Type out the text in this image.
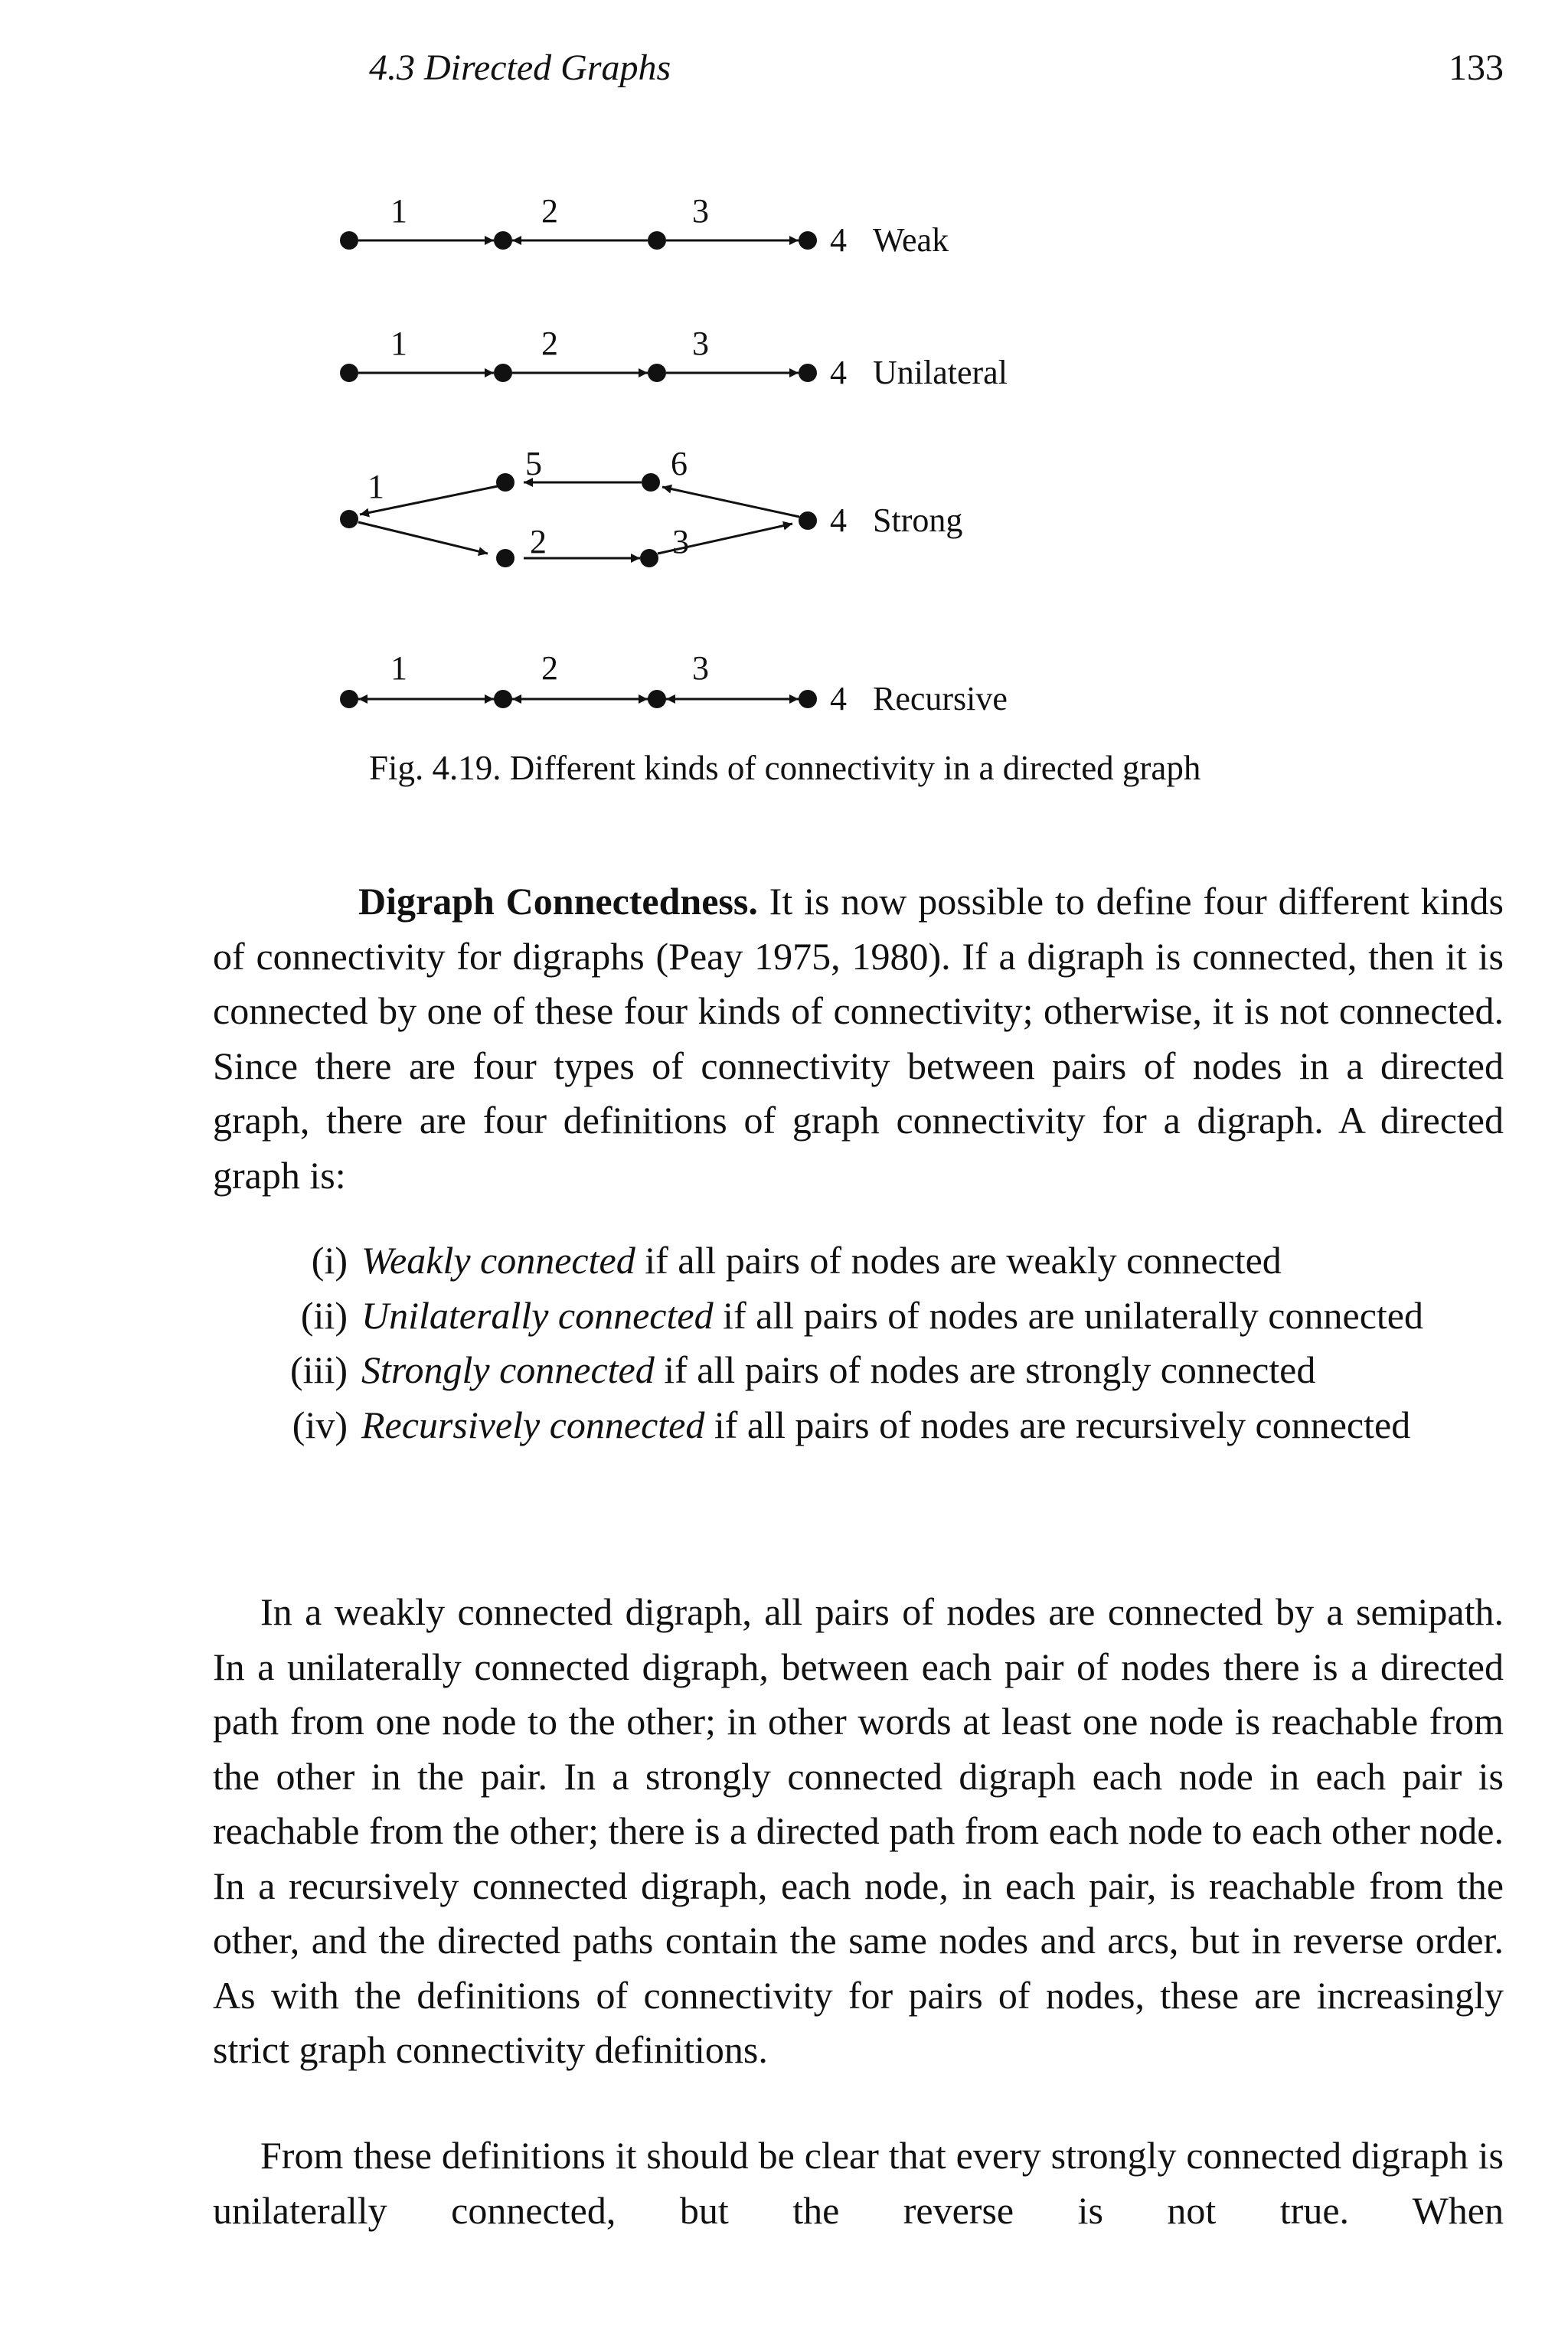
4.3 Directed Graphs	133
1	2	3
4 Weak
1	2	3
4 Unilateral
1
2	3
4
5	6
Strong
1	2	3
4 Recursive
Fig. 4.19. Different kinds of connectivity in a directed graph

Digraph Connectedness. It is now possible to define four different kinds of connectivity for digraphs (Peay 1975, 1980). If a digraph is connected, then it is connected by one of these four kinds of connectivity; otherwise, it is not connected. Since there are four types of connectivity between pairs of nodes in a directed graph, there are four definitions of graph connectivity for a digraph. A directed graph is:

(i) Weakly connected if all pairs of nodes are weakly connected
(ii) Unilaterally connected if all pairs of nodes are unilaterally connected
(iii) Strongly connected if all pairs of nodes are strongly connected
(iv) Recursively connected if all pairs of nodes are recursively connected

In a weakly connected digraph, all pairs of nodes are connected by a semipath. In a unilaterally connected digraph, between each pair of nodes there is a directed path from one node to the other; in other words at least one node is reachable from the other in the pair. In a strongly connected digraph each node in each pair is reachable from the other; there is a directed path from each node to each other node. In a recursively connected digraph, each node, in each pair, is reachable from the other, and the directed paths contain the same nodes and arcs, but in reverse order. As with the definitions of connectivity for pairs of nodes, these are increasingly strict graph connectivity definitions.

From these definitions it should be clear that every strongly connected digraph is unilaterally connected, but the reverse is not true. When
